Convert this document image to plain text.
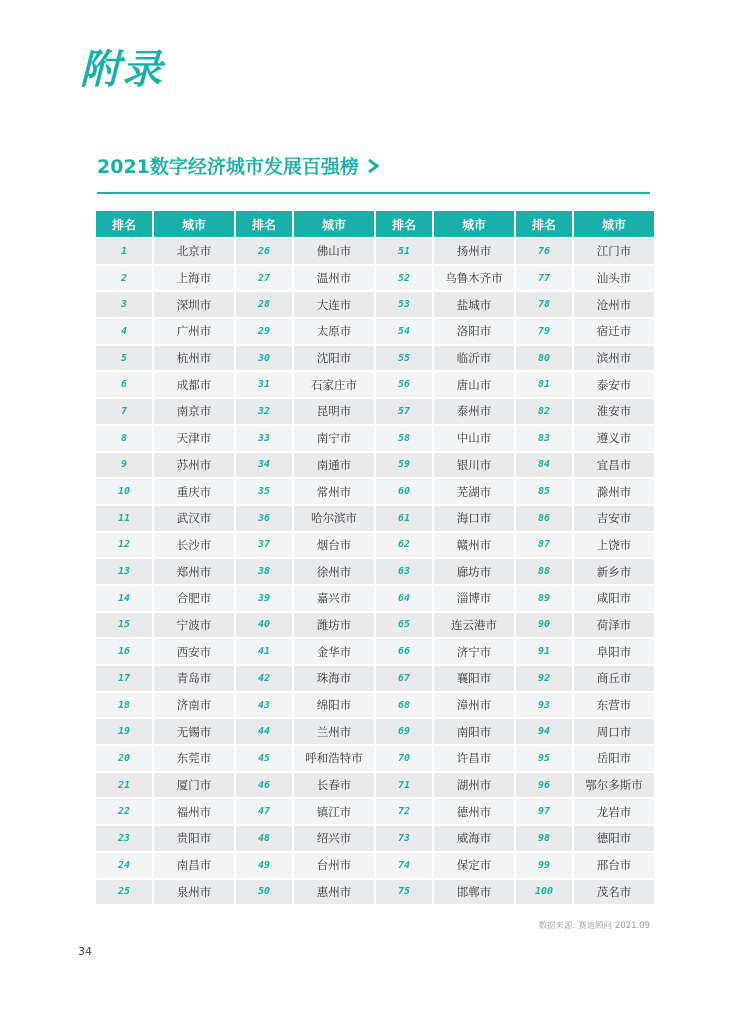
附录
2021数字经济城市发展百强榜
排名	城市	排名	城市	排名	城市	排名	城市
1	北京市	26	佛山市	51	扬州市	76	江门市
2	上海市	27	温州市	52	乌鲁木齐市	77	汕头市
3	深圳市	28	大连市	53	盐城市	78	沧州市
4	广州市	29	太原市	54	洛阳市	79	宿迁市
5	杭州市	30	沈阳市	55	临沂市	80	滨州市
6	成都市	31	石家庄市	56	唐山市	81	泰安市
7	南京市	32	昆明市	57	泰州市	82	淮安市
8	天津市	33	南宁市	58	中山市	83	遵义市
9	苏州市	34	南通市	59	银川市	84	宜昌市
10	重庆市	35	常州市	60	芜湖市	85	滁州市
11	武汉市	36	哈尔滨市	61	海口市	86	吉安市
12	长沙市	37	烟台市	62	赣州市	87	上饶市
13	郑州市	38	徐州市	63	廊坊市	88	新乡市
14	合肥市	39	嘉兴市	64	淄博市	89	咸阳市
15	宁波市	40	潍坊市	65	连云港市	90	荷泽市
16	西安市	41	金华市	66	济宁市	91	阜阳市
17	青岛市	42	珠海市	67	襄阳市	92	商丘市
18	济南市	43	绵阳市	68	漳州市	93	东营市
19	无锡市	44	兰州市	69	南阳市	94	周口市
20	东莞市	45	呼和浩特市	70	许昌市	95	岳阳市
21	厦门市	46	长春市	71	湖州市	96	鄂尔多斯市
22	福州市	47	镇江市	72	德州市	97	龙岩市
23	贵阳市	48	绍兴市	73	威海市	98	德阳市
24	南昌市	49	台州市	74	保定市	99	邢台市
25	泉州市	50	惠州市	75	邯郸市	100	茂名市
数据来源: 赛迪顾问 2021.09
34
